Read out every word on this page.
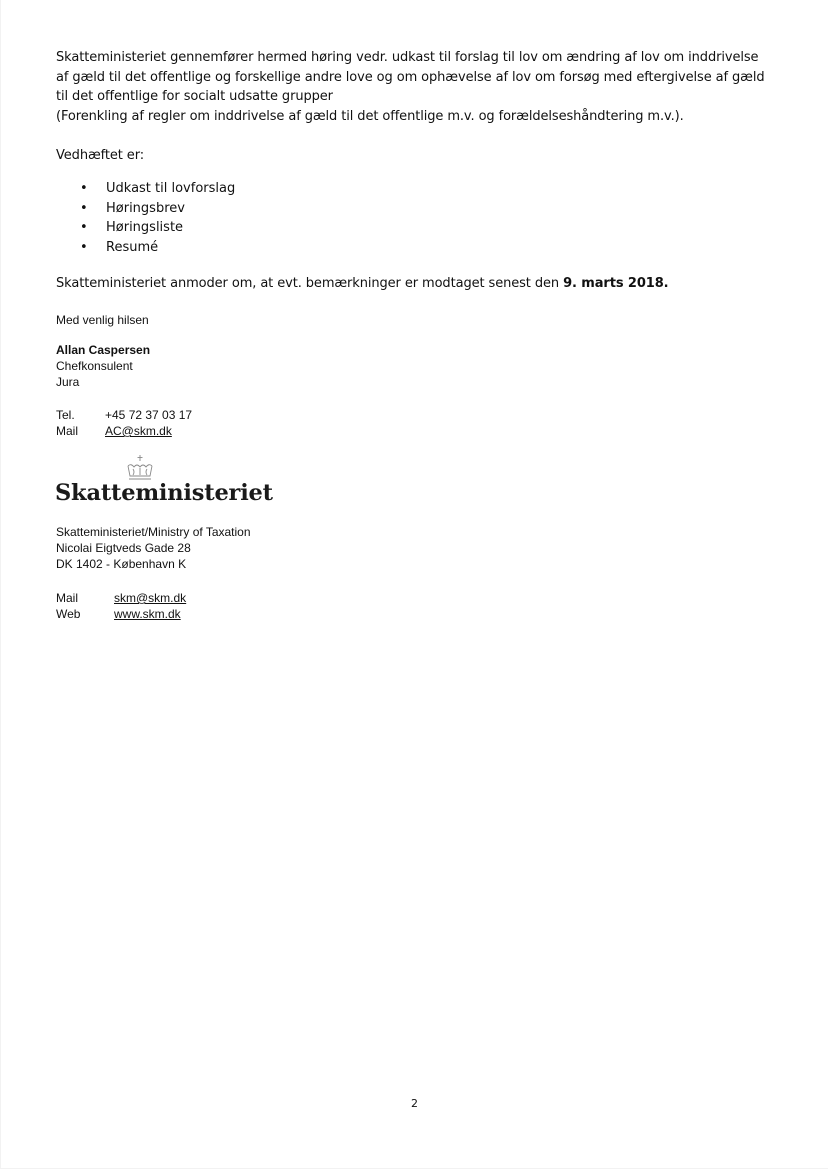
Skatteministeriet gennemfører hermed høring vedr. udkast til forslag til lov om ændring af lov om inddrivelse af gæld til det offentlige og forskellige andre love og om ophævelse af lov om forsøg med eftergivelse af gæld til det offentlige for socialt udsatte grupper

(Forenkling af regler om inddrivelse af gæld til det offentlige m.v. og forældelseshåndtering m.v.).

Vedhæftet er:
• Udkast til lovforslag
• Høringsbrev
• Høringsliste
• Resumé
Skatteministeriet anmoder om, at evt. bemærkninger er modtaget senest den 9. marts 2018.
Med venlig hilsen
Allan Caspersen
Chefkonsulent
Jura
Tel.	+45 72 37 03 17
Mail	AC@skm.dk
Skatteministeriet
Skatteministeriet/Ministry of Taxation
Nicolai Eigtveds Gade 28
DK 1402 - København K
Mail	skm@skm.dk
Web	www.skm.dk
2
